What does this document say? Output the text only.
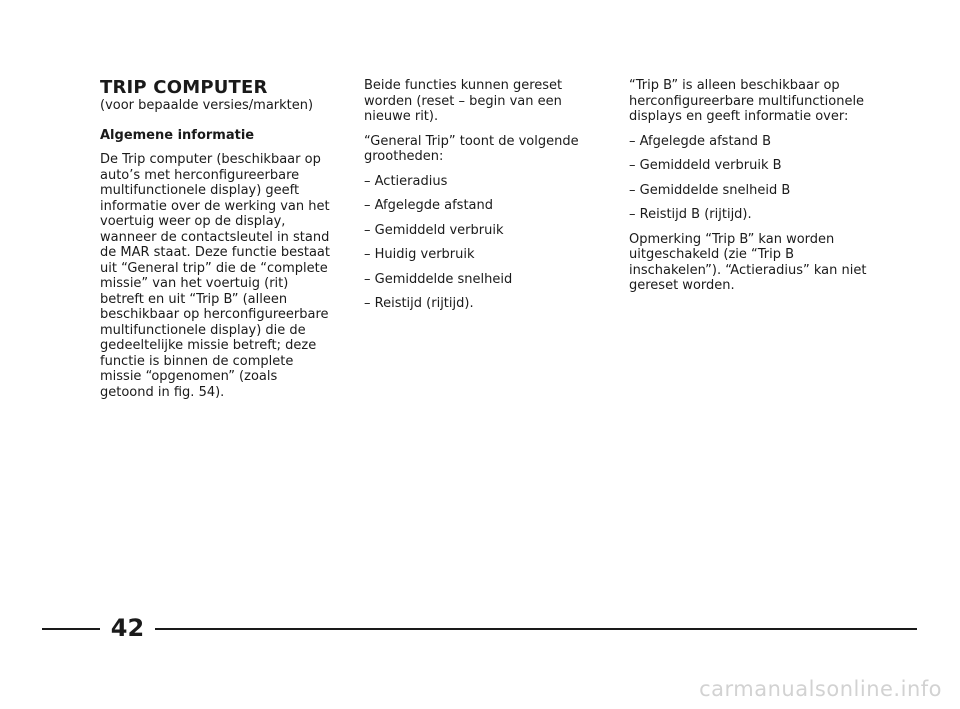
TRIP COMPUTER
(voor bepaalde versies/markten)
Algemene informatie
De Trip computer (beschikbaar op auto’s met herconfigureerbare multifunctionele display) geeft informatie over de werking van het voertuig weer op de display, wanneer de contactsleutel in stand de MAR staat. Deze functie bestaat uit “General trip” die de “complete missie” van het voertuig (rit) betreft en uit “Trip B” (alleen beschikbaar op herconfigureerbare multifunctionele display) die de gedeeltelijke missie betreft; deze functie is binnen de complete missie “opgenomen” (zoals getoond in fig. 54).
Beide functies kunnen gereset worden (reset – begin van een nieuwe rit).
“General Trip” toont de volgende grootheden:
– Actieradius
– Afgelegde afstand
– Gemiddeld verbruik
– Huidig verbruik
– Gemiddelde snelheid
– Reistijd (rijtijd).
“Trip B” is alleen beschikbaar op herconfigureerbare multifunctionele displays en geeft informatie over:
– Afgelegde afstand B
– Gemiddeld verbruik B
– Gemiddelde snelheid B
– Reistijd B (rijtijd).
Opmerking “Trip B” kan worden uitgeschakeld (zie “Trip B inschakelen”). “Actieradius” kan niet gereset worden.
42
carmanualsonline.info
